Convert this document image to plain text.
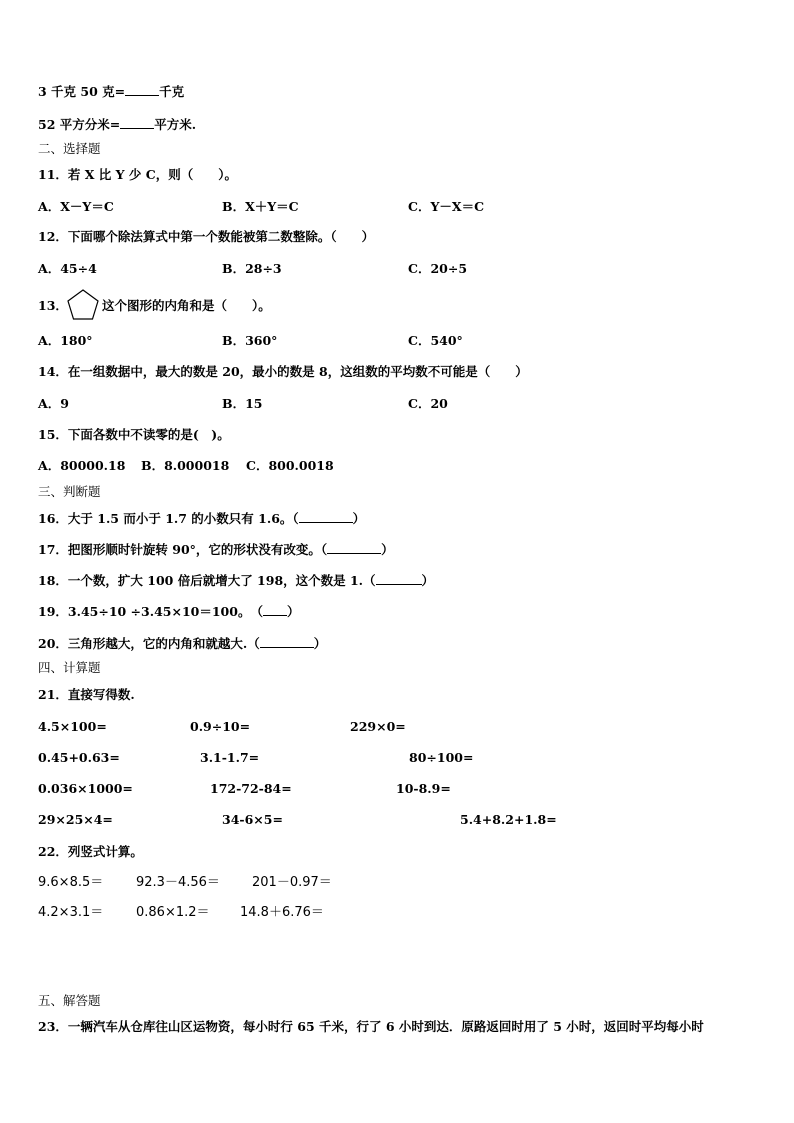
3 千克 50 克=	千克
52 平方分米=	平方米.
二、选择题
11．若 X 比 Y 少 C，则（　　）。
A．X－Y＝C	B．X＋Y＝C	C．Y－X＝C
12．下面哪个除法算式中第一个数能被第二数整除。（　　）
A．45÷4	B．28÷3	C．20÷5
13．	这个图形的内角和是（　　）。
A．180°	B．360°	C．540°
14．在一组数据中，最大的数是 20，最小的数是 8，这组数的平均数不可能是（　　）
A．9	B．15	C．20
15．下面各数中不读零的是(　)。
A．80000.18 B．8.000018 C．800.0018
三、判断题
16．大于 1.5 而小于 1.7 的小数只有 1.6。（	）
17．把图形顺时针旋转 90°，它的形状没有改变。（	）
18．一个数，扩大 100 倍后就增大了 198，这个数是 1.（	）
19．3.45÷10 ÷3.45×10＝100。　（ ）
20．三角形越大，它的内角和就越大.（	）
四、计算题
21．直接写得数.
4.5×100=	0.9÷10=	229×0=
0.45+0.63=	3.1-1.7=	80÷100=
0.036×1000=	172-72-84=	10-8.9=
29×25×4=	34-6×5=	5.4+8.2+1.8=
22．列竖式计算。
9.6×8.5＝	92.3－4.56＝ 201－0.97＝
4.2×3.1＝	0.86×1.2＝ 14.8＋6.76＝
五、解答题
23．一辆汽车从仓库往山区运物资，每小时行 65 千米，行了 6 小时到达．原路返回时用了 5 小时，返回时平均每小时
